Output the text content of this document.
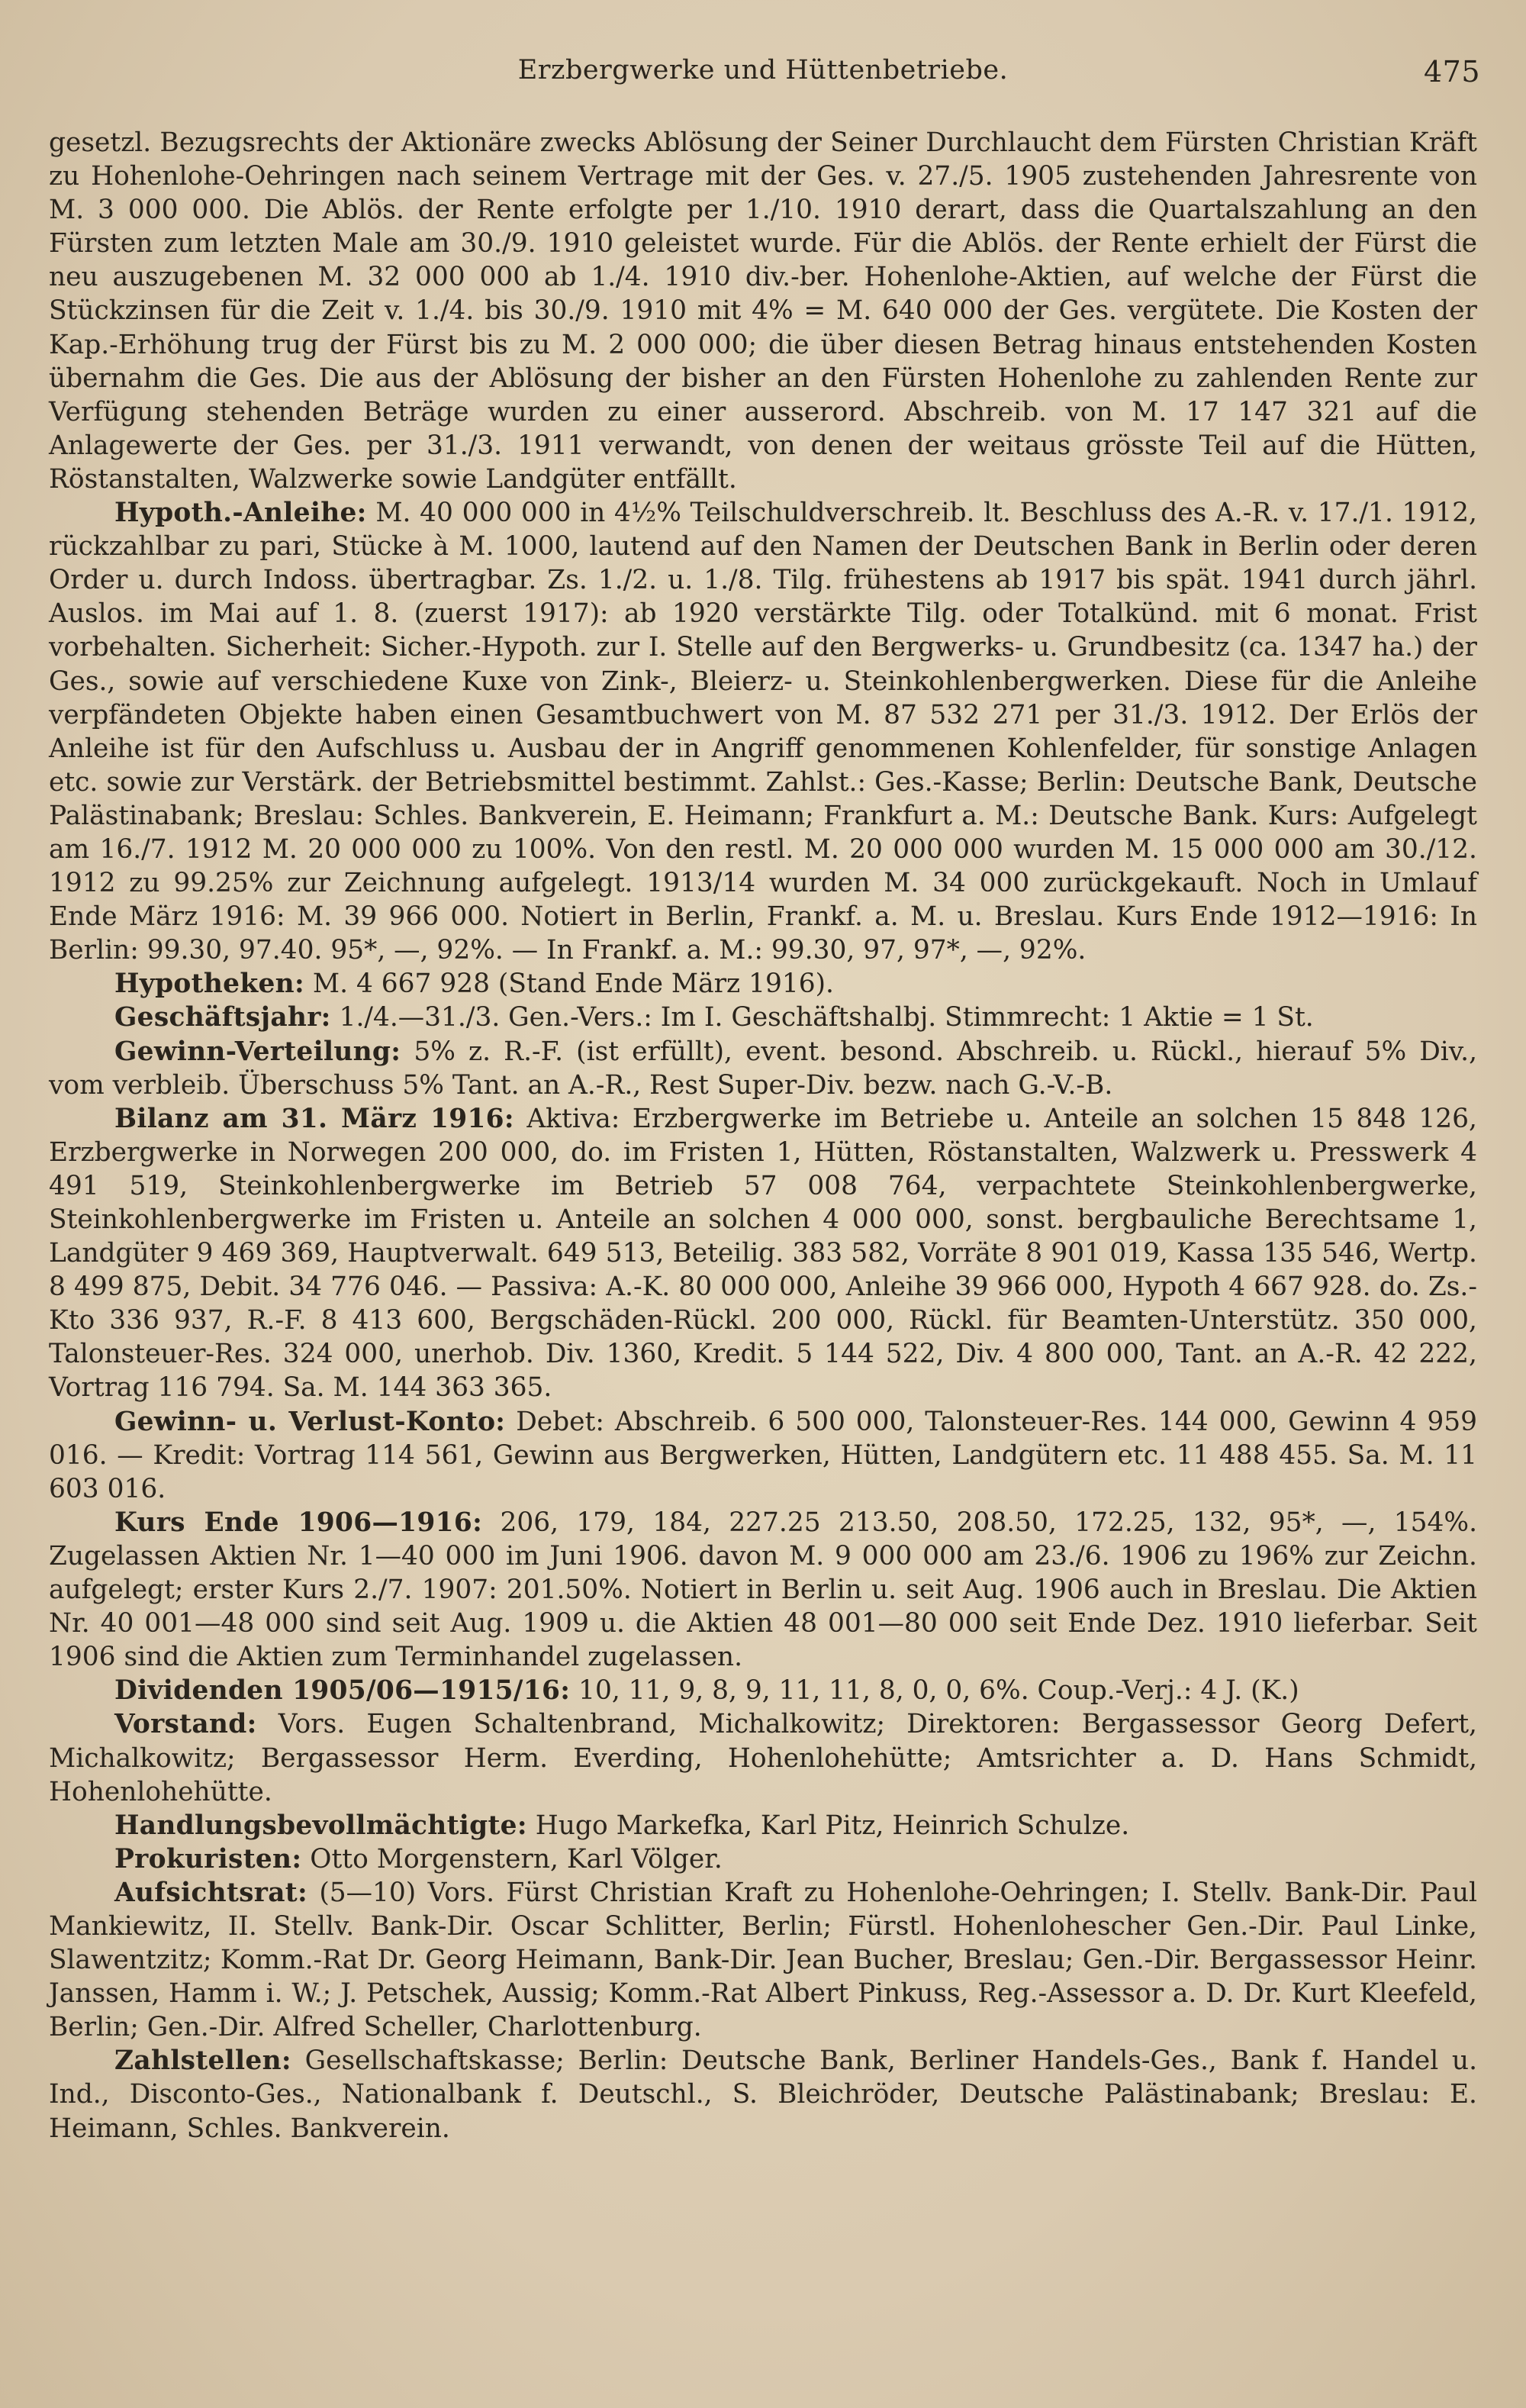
Erzbergwerke und Hüttenbetriebe.	475

gesetzl. Bezugsrechts der Aktionäre zwecks Ablösung der Seiner Durchlaucht dem Fürsten Christian Kräft zu Hohenlohe-Oehringen nach seinem Vertrage mit der Ges. v. 27./5. 1905 zustehenden Jahresrente von M. 3 000 000. Die Ablös. der Rente erfolgte per 1./10. 1910 derart, dass die Quartalszahlung an den Fürsten zum letzten Male am 30./9. 1910 geleistet wurde. Für die Ablös. der Rente erhielt der Fürst die neu auszugebenen M. 32 000 000 ab 1./4. 1910 div.-ber. Hohenlohe-Aktien, auf welche der Fürst die Stückzinsen für die Zeit v. 1./4. bis 30./9. 1910 mit 4% = M. 640 000 der Ges. vergütete. Die Kosten der Kap.-Erhöhung trug der Fürst bis zu M. 2 000 000; die über diesen Betrag hinaus entstehenden Kosten übernahm die Ges. Die aus der Ablösung der bisher an den Fürsten Hohenlohe zu zahlenden Rente zur Verfügung stehenden Beträge wurden zu einer ausserord. Abschreib. von M. 17 147 321 auf die Anlagewerte der Ges. per 31./3. 1911 verwandt, von denen der weitaus grösste Teil auf die Hütten, Röstanstalten, Walzwerke sowie Landgüter entfällt.

Hypoth.-Anleihe: M. 40 000 000 in 4½% Teilschuldverschreib. lt. Beschluss des A.-R. v. 17./1. 1912, rückzahlbar zu pari, Stücke à M. 1000, lautend auf den Namen der Deutschen Bank in Berlin oder deren Order u. durch Indoss. übertragbar. Zs. 1./2. u. 1./8. Tilg. frühestens ab 1917 bis spät. 1941 durch jährl. Auslos. im Mai auf 1. 8. (zuerst 1917): ab 1920 verstärkte Tilg. oder Totalkünd. mit 6 monat. Frist vorbehalten. Sicherheit: Sicher.-Hypoth. zur I. Stelle auf den Bergwerks- u. Grundbesitz (ca. 1347 ha.) der Ges., sowie auf verschiedene Kuxe von Zink-, Bleierz- u. Steinkohlenbergwerken. Diese für die Anleihe verpfändeten Objekte haben einen Gesamtbuchwert von M. 87 532 271 per 31./3. 1912. Der Erlös der Anleihe ist für den Aufschluss u. Ausbau der in Angriff genommenen Kohlenfelder, für sonstige Anlagen etc. sowie zur Verstärk. der Betriebsmittel bestimmt. Zahlst.: Ges.-Kasse; Berlin: Deutsche Bank, Deutsche Palästinabank; Breslau: Schles. Bankverein, E. Heimann; Frankfurt a. M.: Deutsche Bank. Kurs: Aufgelegt am 16./7. 1912 M. 20 000 000 zu 100%. Von den restl. M. 20 000 000 wurden M. 15 000 000 am 30./12. 1912 zu 99.25% zur Zeichnung aufgelegt. 1913/14 wurden M. 34 000 zurückgekauft. Noch in Umlauf Ende März 1916: M. 39 966 000. Notiert in Berlin, Frankf. a. M. u. Breslau. Kurs Ende 1912—1916: In Berlin: 99.30, 97.40. 95*, —, 92%. — In Frankf. a. M.: 99.30, 97, 97*, —, 92%.

Hypotheken: M. 4 667 928 (Stand Ende März 1916).

Geschäftsjahr: 1./4.—31./3. Gen.-Vers.: Im I. Geschäftshalbj. Stimmrecht: 1 Aktie = 1 St.

Gewinn-Verteilung: 5% z. R.-F. (ist erfüllt), event. besond. Abschreib. u. Rückl., hierauf 5% Div., vom verbleib. Überschuss 5% Tant. an A.-R., Rest Super-Div. bezw. nach G.-V.-B.

Bilanz am 31. März 1916: Aktiva: Erzbergwerke im Betriebe u. Anteile an solchen 15 848 126, Erzbergwerke in Norwegen 200 000, do. im Fristen 1, Hütten, Röstanstalten, Walzwerk u. Presswerk 4 491 519, Steinkohlenbergwerke im Betrieb 57 008 764, verpachtete Steinkohlenbergwerke, Steinkohlenbergwerke im Fristen u. Anteile an solchen 4 000 000, sonst. bergbauliche Berechtsame 1, Landgüter 9 469 369, Hauptverwalt. 649 513, Beteilig. 383 582, Vorräte 8 901 019, Kassa 135 546, Wertp. 8 499 875, Debit. 34 776 046. — Passiva: A.-K. 80 000 000, Anleihe 39 966 000, Hypoth 4 667 928. do. Zs.-Kto 336 937, R.-F. 8 413 600, Bergschäden-Rückl. 200 000, Rückl. für Beamten-Unterstütz. 350 000, Talonsteuer-Res. 324 000, unerhob. Div. 1360, Kredit. 5 144 522, Div. 4 800 000, Tant. an A.-R. 42 222, Vortrag 116 794. Sa. M. 144 363 365.

Gewinn- u. Verlust-Konto: Debet: Abschreib. 6 500 000, Talonsteuer-Res. 144 000, Gewinn 4 959 016. — Kredit: Vortrag 114 561, Gewinn aus Bergwerken, Hütten, Landgütern etc. 11 488 455. Sa. M. 11 603 016.

Kurs Ende 1906—1916: 206, 179, 184, 227.25 213.50, 208.50, 172.25, 132, 95*, —, 154%. Zugelassen Aktien Nr. 1—40 000 im Juni 1906. davon M. 9 000 000 am 23./6. 1906 zu 196% zur Zeichn. aufgelegt; erster Kurs 2./7. 1907: 201.50%. Notiert in Berlin u. seit Aug. 1906 auch in Breslau. Die Aktien Nr. 40 001—48 000 sind seit Aug. 1909 u. die Aktien 48 001—80 000 seit Ende Dez. 1910 lieferbar. Seit 1906 sind die Aktien zum Terminhandel zugelassen.

Dividenden 1905/06—1915/16: 10, 11, 9, 8, 9, 11, 11, 8, 0, 0, 6%. Coup.-Verj.: 4 J. (K.)

Vorstand: Vors. Eugen Schaltenbrand, Michalkowitz; Direktoren: Bergassessor Georg Defert, Michalkowitz; Bergassessor Herm. Everding, Hohenlohehütte; Amtsrichter a. D. Hans Schmidt, Hohenlohehütte.

Handlungsbevollmächtigte: Hugo Markefka, Karl Pitz, Heinrich Schulze.

Prokuristen: Otto Morgenstern, Karl Völger.

Aufsichtsrat: (5—10) Vors. Fürst Christian Kraft zu Hohenlohe-Oehringen; I. Stellv. Bank-Dir. Paul Mankiewitz, II. Stellv. Bank-Dir. Oscar Schlitter, Berlin; Fürstl. Hohenlohescher Gen.-Dir. Paul Linke, Slawentzitz; Komm.-Rat Dr. Georg Heimann, Bank-Dir. Jean Bucher, Breslau; Gen.-Dir. Bergassessor Heinr. Janssen, Hamm i. W.; J. Petschek, Aussig; Komm.-Rat Albert Pinkuss, Reg.-Assessor a. D. Dr. Kurt Kleefeld, Berlin; Gen.-Dir. Alfred Scheller, Charlottenburg.

Zahlstellen: Gesellschaftskasse; Berlin: Deutsche Bank, Berliner Handels-Ges., Bank f. Handel u. Ind., Disconto-Ges., Nationalbank f. Deutschl., S. Bleichröder, Deutsche Palästinabank; Breslau: E. Heimann, Schles. Bankverein.
